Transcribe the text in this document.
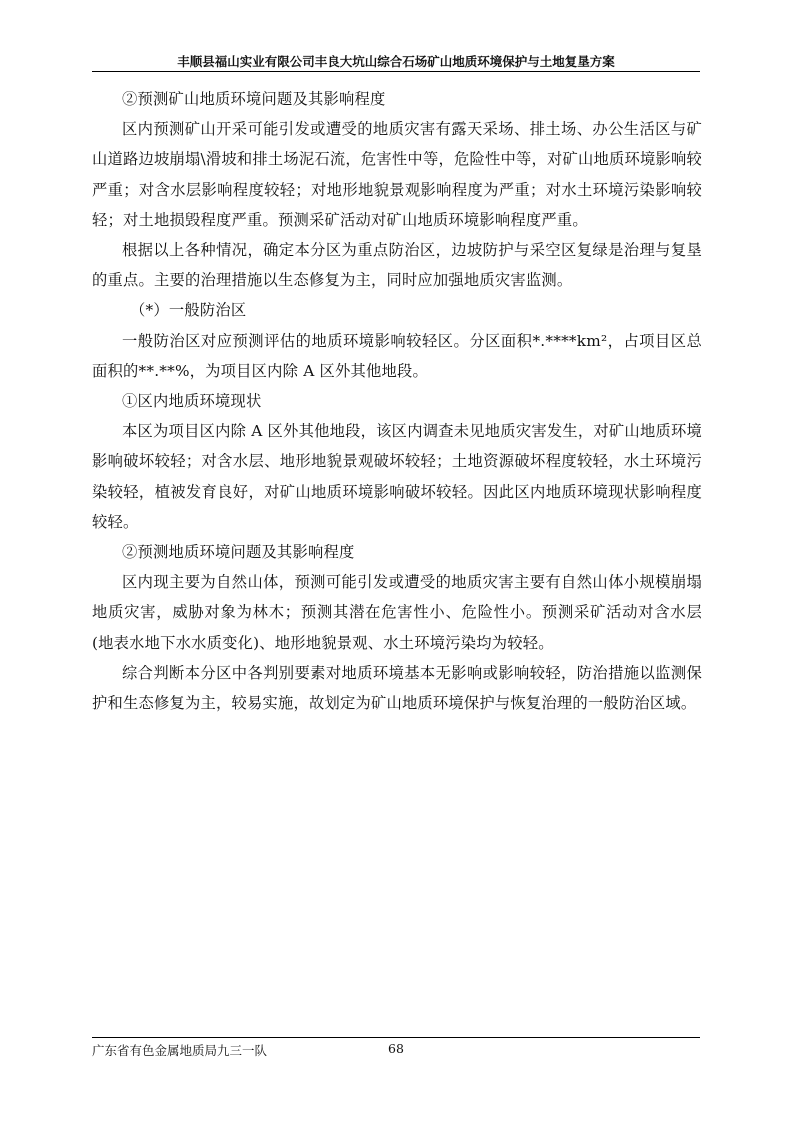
丰顺县福山实业有限公司丰良大坑山综合石场矿山地质环境保护与土地复垦方案

②预测矿山地质环境问题及其影响程度

区内预测矿山开采可能引发或遭受的地质灾害有露天采场、排土场、办公生活区与矿山道路边坡崩塌\滑坡和排土场泥石流，危害性中等，危险性中等，对矿山地质环境影响较严重；对含水层影响程度较轻；对地形地貌景观影响程度为严重；对水土环境污染影响较轻；对土地损毁程度严重。预测采矿活动对矿山地质环境影响程度严重。

根据以上各种情况，确定本分区为重点防治区，边坡防护与采空区复绿是治理与复垦的重点。主要的治理措施以生态修复为主，同时应加强地质灾害监测。

（*）一般防治区

一般防治区对应预测评估的地质环境影响较轻区。分区面积*.****km²，占项目区总面积的**.**%，为项目区内除 A 区外其他地段。

①区内地质环境现状

本区为项目区内除 A 区外其他地段，该区内调查未见地质灾害发生，对矿山地质环境影响破坏较轻；对含水层、地形地貌景观破坏较轻；土地资源破坏程度较轻，水土环境污染较轻，植被发育良好，对矿山地质环境影响破坏较轻。因此区内地质环境现状影响程度较轻。

②预测地质环境问题及其影响程度

区内现主要为自然山体，预测可能引发或遭受的地质灾害主要有自然山体小规模崩塌地质灾害，威胁对象为林木；预测其潜在危害性小、危险性小。预测采矿活动对含水层(地表水地下水水质变化)、地形地貌景观、水土环境污染均为较轻。

综合判断本分区中各判别要素对地质环境基本无影响或影响较轻，防治措施以监测保护和生态修复为主，较易实施，故划定为矿山地质环境保护与恢复治理的一般防治区域。

广东省有色金属地质局九三一队	68
